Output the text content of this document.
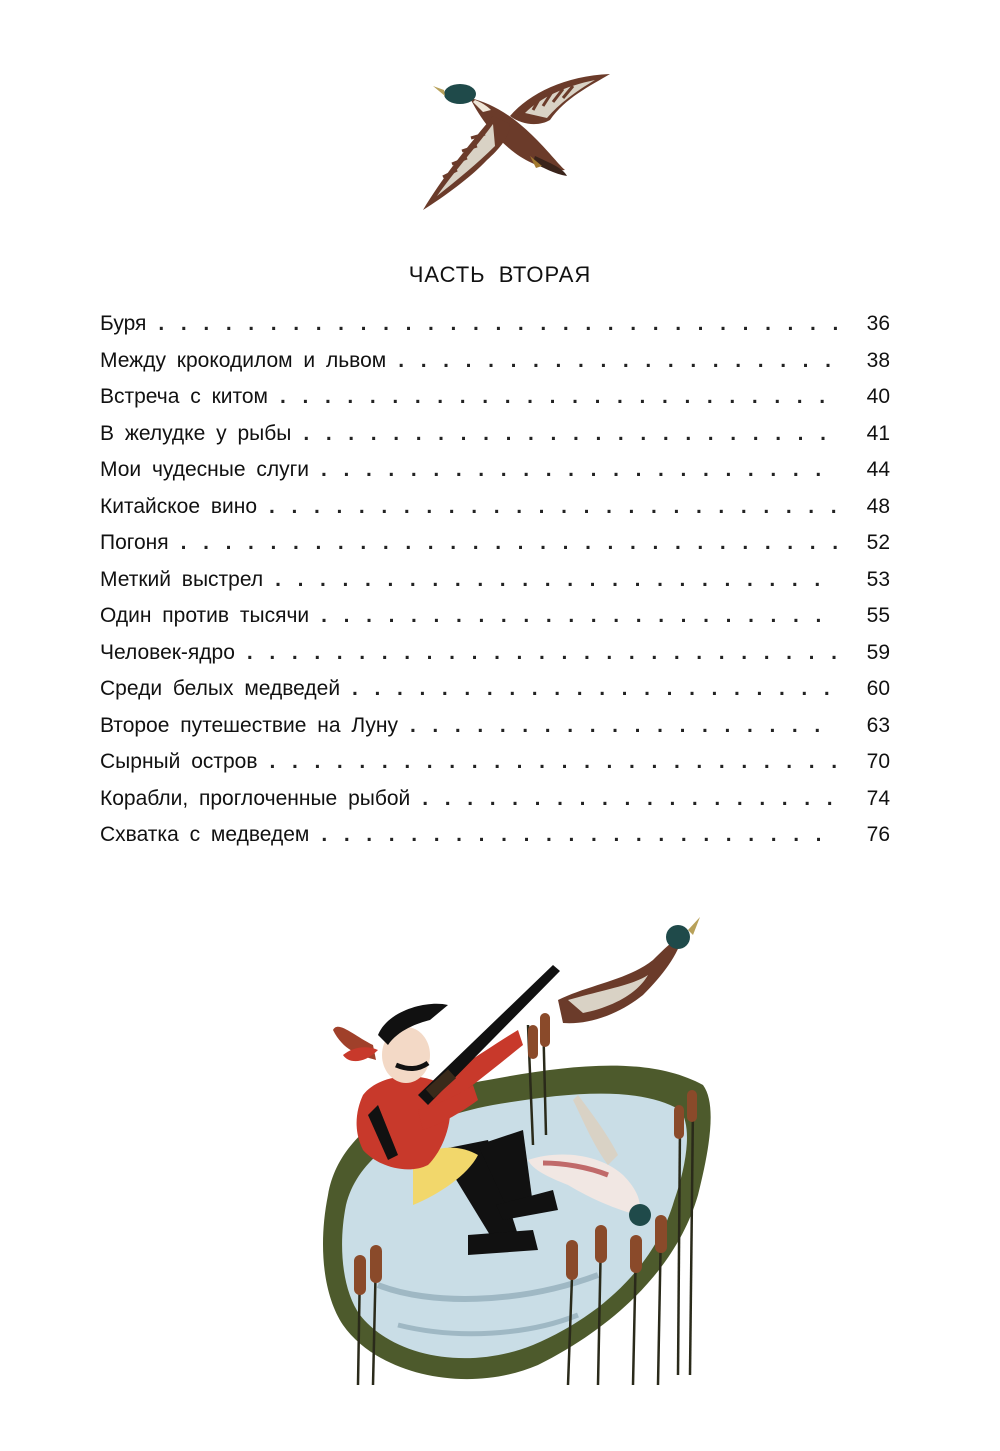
ЧАСТЬ ВТОРАЯ
Буря . . .	36
Между крокодилом и львом . . .	38
Встреча с китом . . .	40
В желудке у рыбы . . .	41
Мои чудесные слуги . . .	44
Китайское вино . . .	48
Погоня . . .	52
Меткий выстрел . . .	53
Один против тысячи . . .	55
Человек-ядро . . .	59
Среди белых медведей . . .	60
Второе путешествие на Луну . . .	63
Сырный остров . . .	70
Корабли, проглоченные рыбой . . .	74
Схватка с медведем . . .	76
